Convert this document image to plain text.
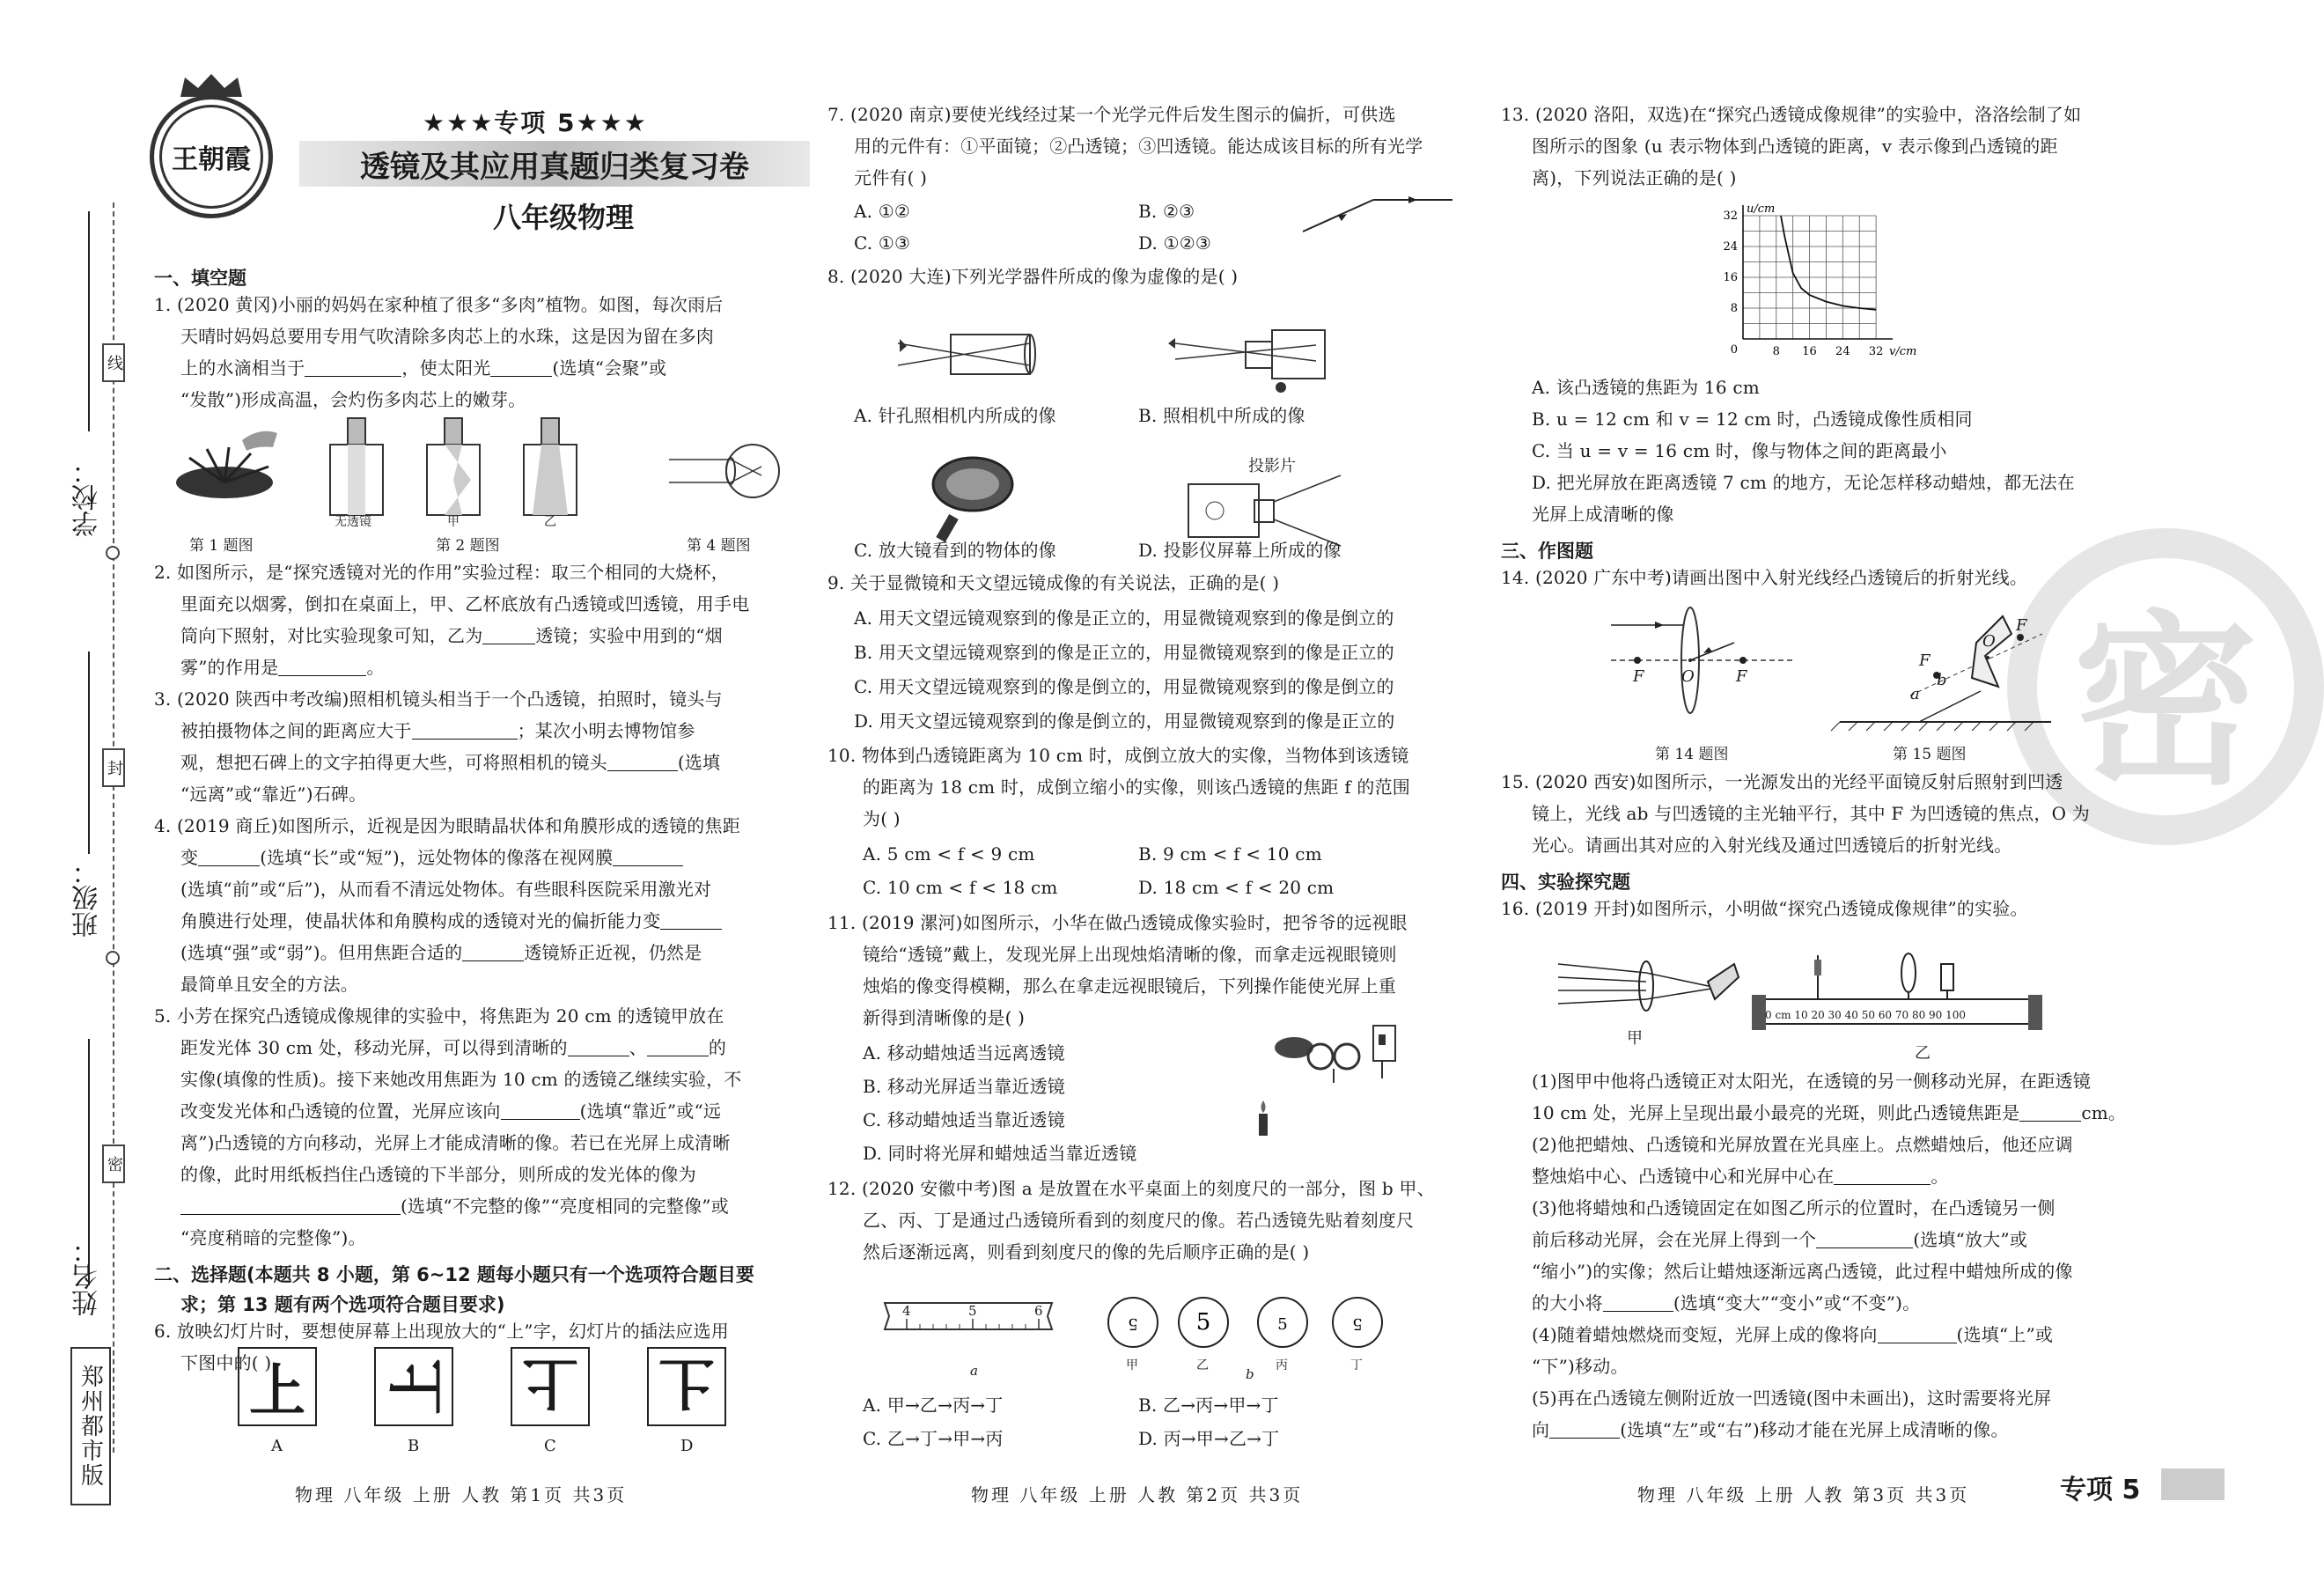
学校：
班级：
姓名：
线
封
密
郑州都市版
王朝霞
★★★专项 5★★★
透镜及其应用真题归类复习卷
八年级物理
一、填空题
1. (2020 黄冈)小丽的妈妈在家种植了很多“多肉”植物。如图，每次雨后
天晴时妈妈总要用专用气吹清除多肉芯上的水珠，这是因为留在多肉
上的水滴相当于	，使太阳光	(选填“会聚”或
“发散”)形成高温，会灼伤多肉芯上的嫩芽。
无透镜	甲	乙
第 1 题图	第 2 题图	第 4 题图
2. 如图所示，是“探究透镜对光的作用”实验过程：取三个相同的大烧杯，
里面充以烟雾，倒扣在桌面上，甲、乙杯底放有凸透镜或凹透镜，用手电
筒向下照射，对比实验现象可知，乙为	透镜；实验中用到的“烟
雾”的作用是	。
3. (2020 陕西中考改编)照相机镜头相当于一个凸透镜，拍照时，镜头与
被拍摄物体之间的距离应大于	；某次小明去博物馆参
观，想把石碑上的文字拍得更大些，可将照相机的镜头	(选填
“远离”或“靠近”)石碑。
4. (2019 商丘)如图所示，近视是因为眼睛晶状体和角膜形成的透镜的焦距
变	(选填“长”或“短”)，远处物体的像落在视网膜
(选填“前”或“后”)，从而看不清远处物体。有些眼科医院采用激光对
角膜进行处理，使晶状体和角膜构成的透镜对光的偏折能力变
(选填“强”或“弱”)。但用焦距合适的	透镜矫正近视，仍然是
最简单且安全的方法。
5. 小芳在探究凸透镜成像规律的实验中，将焦距为 20 cm 的透镜甲放在
距发光体 30 cm 处，移动光屏，可以得到清晰的	、	的
实像(填像的性质)。接下来她改用焦距为 10 cm 的透镜乙继续实验，不
改变发光体和凸透镜的位置，光屏应该向	(选填“靠近”或“远
离”)凸透镜的方向移动，光屏上才能成清晰的像。若已在光屏上成清晰
的像，此时用纸板挡住凸透镜的下半部分，则所成的发光体的像为
(选填“不完整的像”“亮度相同的完整像”或
“亮度稍暗的完整像”)。
二、选择题(本题共 8 小题，第 6~12 题每小题只有一个选项符合题目要
求；第 13 题有两个选项符合题目要求)
6. 放映幻灯片时，要想使屏幕上出现放大的“上”字，幻灯片的插法应选用
下图中的( )
物理 八年级 上册 人教 第1页 共3页
7. (2020 南京)要使光线经过某一个光学元件后发生图示的偏折，可供选
用的元件有：①平面镜；②凸透镜；③凹透镜。能达成该目标的所有光学
元件有( )
A. ①②	B. ②③
C. ①③	D. ①②③
8. (2020 大连)下列光学器件所成的像为虚像的是( )
A. 针孔照相机内所成的像	B. 照相机中所成的像
投影片
C. 放大镜看到的物体的像	D. 投影仪屏幕上所成的像
9. 关于显微镜和天文望远镜成像的有关说法，正确的是( )
A. 用天文望远镜观察到的像是正立的，用显微镜观察到的像是倒立的
B. 用天文望远镜观察到的像是正立的，用显微镜观察到的像是正立的
C. 用天文望远镜观察到的像是倒立的，用显微镜观察到的像是倒立的
D. 用天文望远镜观察到的像是倒立的，用显微镜观察到的像是正立的
10. 物体到凸透镜距离为 10 cm 时，成倒立放大的实像，当物体到该透镜
的距离为 18 cm 时，成倒立缩小的实像，则该凸透镜的焦距 f 的范围
为( )
A. 5 cm < f < 9 cm	B. 9 cm < f < 10 cm
C. 10 cm < f < 18 cm	D. 18 cm < f < 20 cm
11. (2019 漯河)如图所示，小华在做凸透镜成像实验时，把爷爷的远视眼
镜给“透镜”戴上，发现光屏上出现烛焰清晰的像，而拿走远视眼镜则
烛焰的像变得模糊，那么在拿走远视眼镜后，下列操作能使光屏上重
新得到清晰像的是( )
A. 移动蜡烛适当远离透镜
B. 移动光屏适当靠近透镜
C. 移动蜡烛适当靠近透镜
D. 同时将光屏和蜡烛适当靠近透镜
12. (2020 安徽中考)图 a 是放置在水平桌面上的刻度尺的一部分，图 b 甲、
乙、丙、丁是通过凸透镜所看到的刻度尺的像。若凸透镜先贴着刻度尺
然后逐渐远离，则看到刻度尺的像的先后顺序正确的是( )
4	5	6
a	b
A. 甲→乙→丙→丁	B. 乙→丙→甲→丁
C. 乙→丁→甲→丙	D. 丙→甲→乙→丁
物理 八年级 上册 人教 第2页 共3页
密
13. (2020 洛阳，双选)在“探究凸透镜成像规律”的实验中，洛洛绘制了如
图所示的图象 (u 表示物体到凸透镜的距离，v 表示像到凸透镜的距
离)，下列说法正确的是( )
8 16 24 32
32
24
16
8
0	v/cm
u/cm
A. 该凸透镜的焦距为 16 cm
B. u = 12 cm 和 v = 12 cm 时，凸透镜成像性质相同
C. 当 u = v = 16 cm 时，像与物体之间的距离最小
D. 把光屏放在距离透镜 7 cm 的地方，无论怎样移动蜡烛，都无法在
光屏上成清晰的像
三、作图题
14. (2020 广东中考)请画出图中入射光线经凸透镜后的折射光线。
F O	F
a
b
F
O
F
第 14 题图	第 15 题图
15. (2020 西安)如图所示，一光源发出的光经平面镜反射后照射到凹透
镜上，光线 ab 与凹透镜的主光轴平行，其中 F 为凹透镜的焦点，O 为
光心。请画出其对应的入射光线及通过凹透镜后的折射光线。
四、实验探究题
16. (2019 开封)如图所示，小明做“探究凸透镜成像规律”的实验。
甲
0 cm 10 20 30 40 50 60 70 80 90 100
乙
(1)图甲中他将凸透镜正对太阳光，在透镜的另一侧移动光屏，在距透镜
10 cm 处，光屏上呈现出最小最亮的光斑，则此凸透镜焦距是	cm。
(2)他把蜡烛、凸透镜和光屏放置在光具座上。点燃蜡烛后，他还应调
整烛焰中心、凸透镜中心和光屏中心在	。
(3)他将蜡烛和凸透镜固定在如图乙所示的位置时，在凸透镜另一侧
前后移动光屏，会在光屏上得到一个	(选填“放大”或
“缩小”)的实像；然后让蜡烛逐渐远离凸透镜，此过程中蜡烛所成的像
的大小将	(选填“变大”“变小”或“不变”)。
(4)随着蜡烛燃烧而变短，光屏上成的像将向	(选填“上”或
“下”)移动。
(5)再在凸透镜左侧附近放一凹透镜(图中未画出)，这时需要将光屏
向	(选填“左”或“右”)移动才能在光屏上成清晰的像。
物理 八年级 上册 人教 第3页 共3页	专项 5
上
A
上
B
上
C
上
D
5
甲
5
乙
5
丙
5
丁
